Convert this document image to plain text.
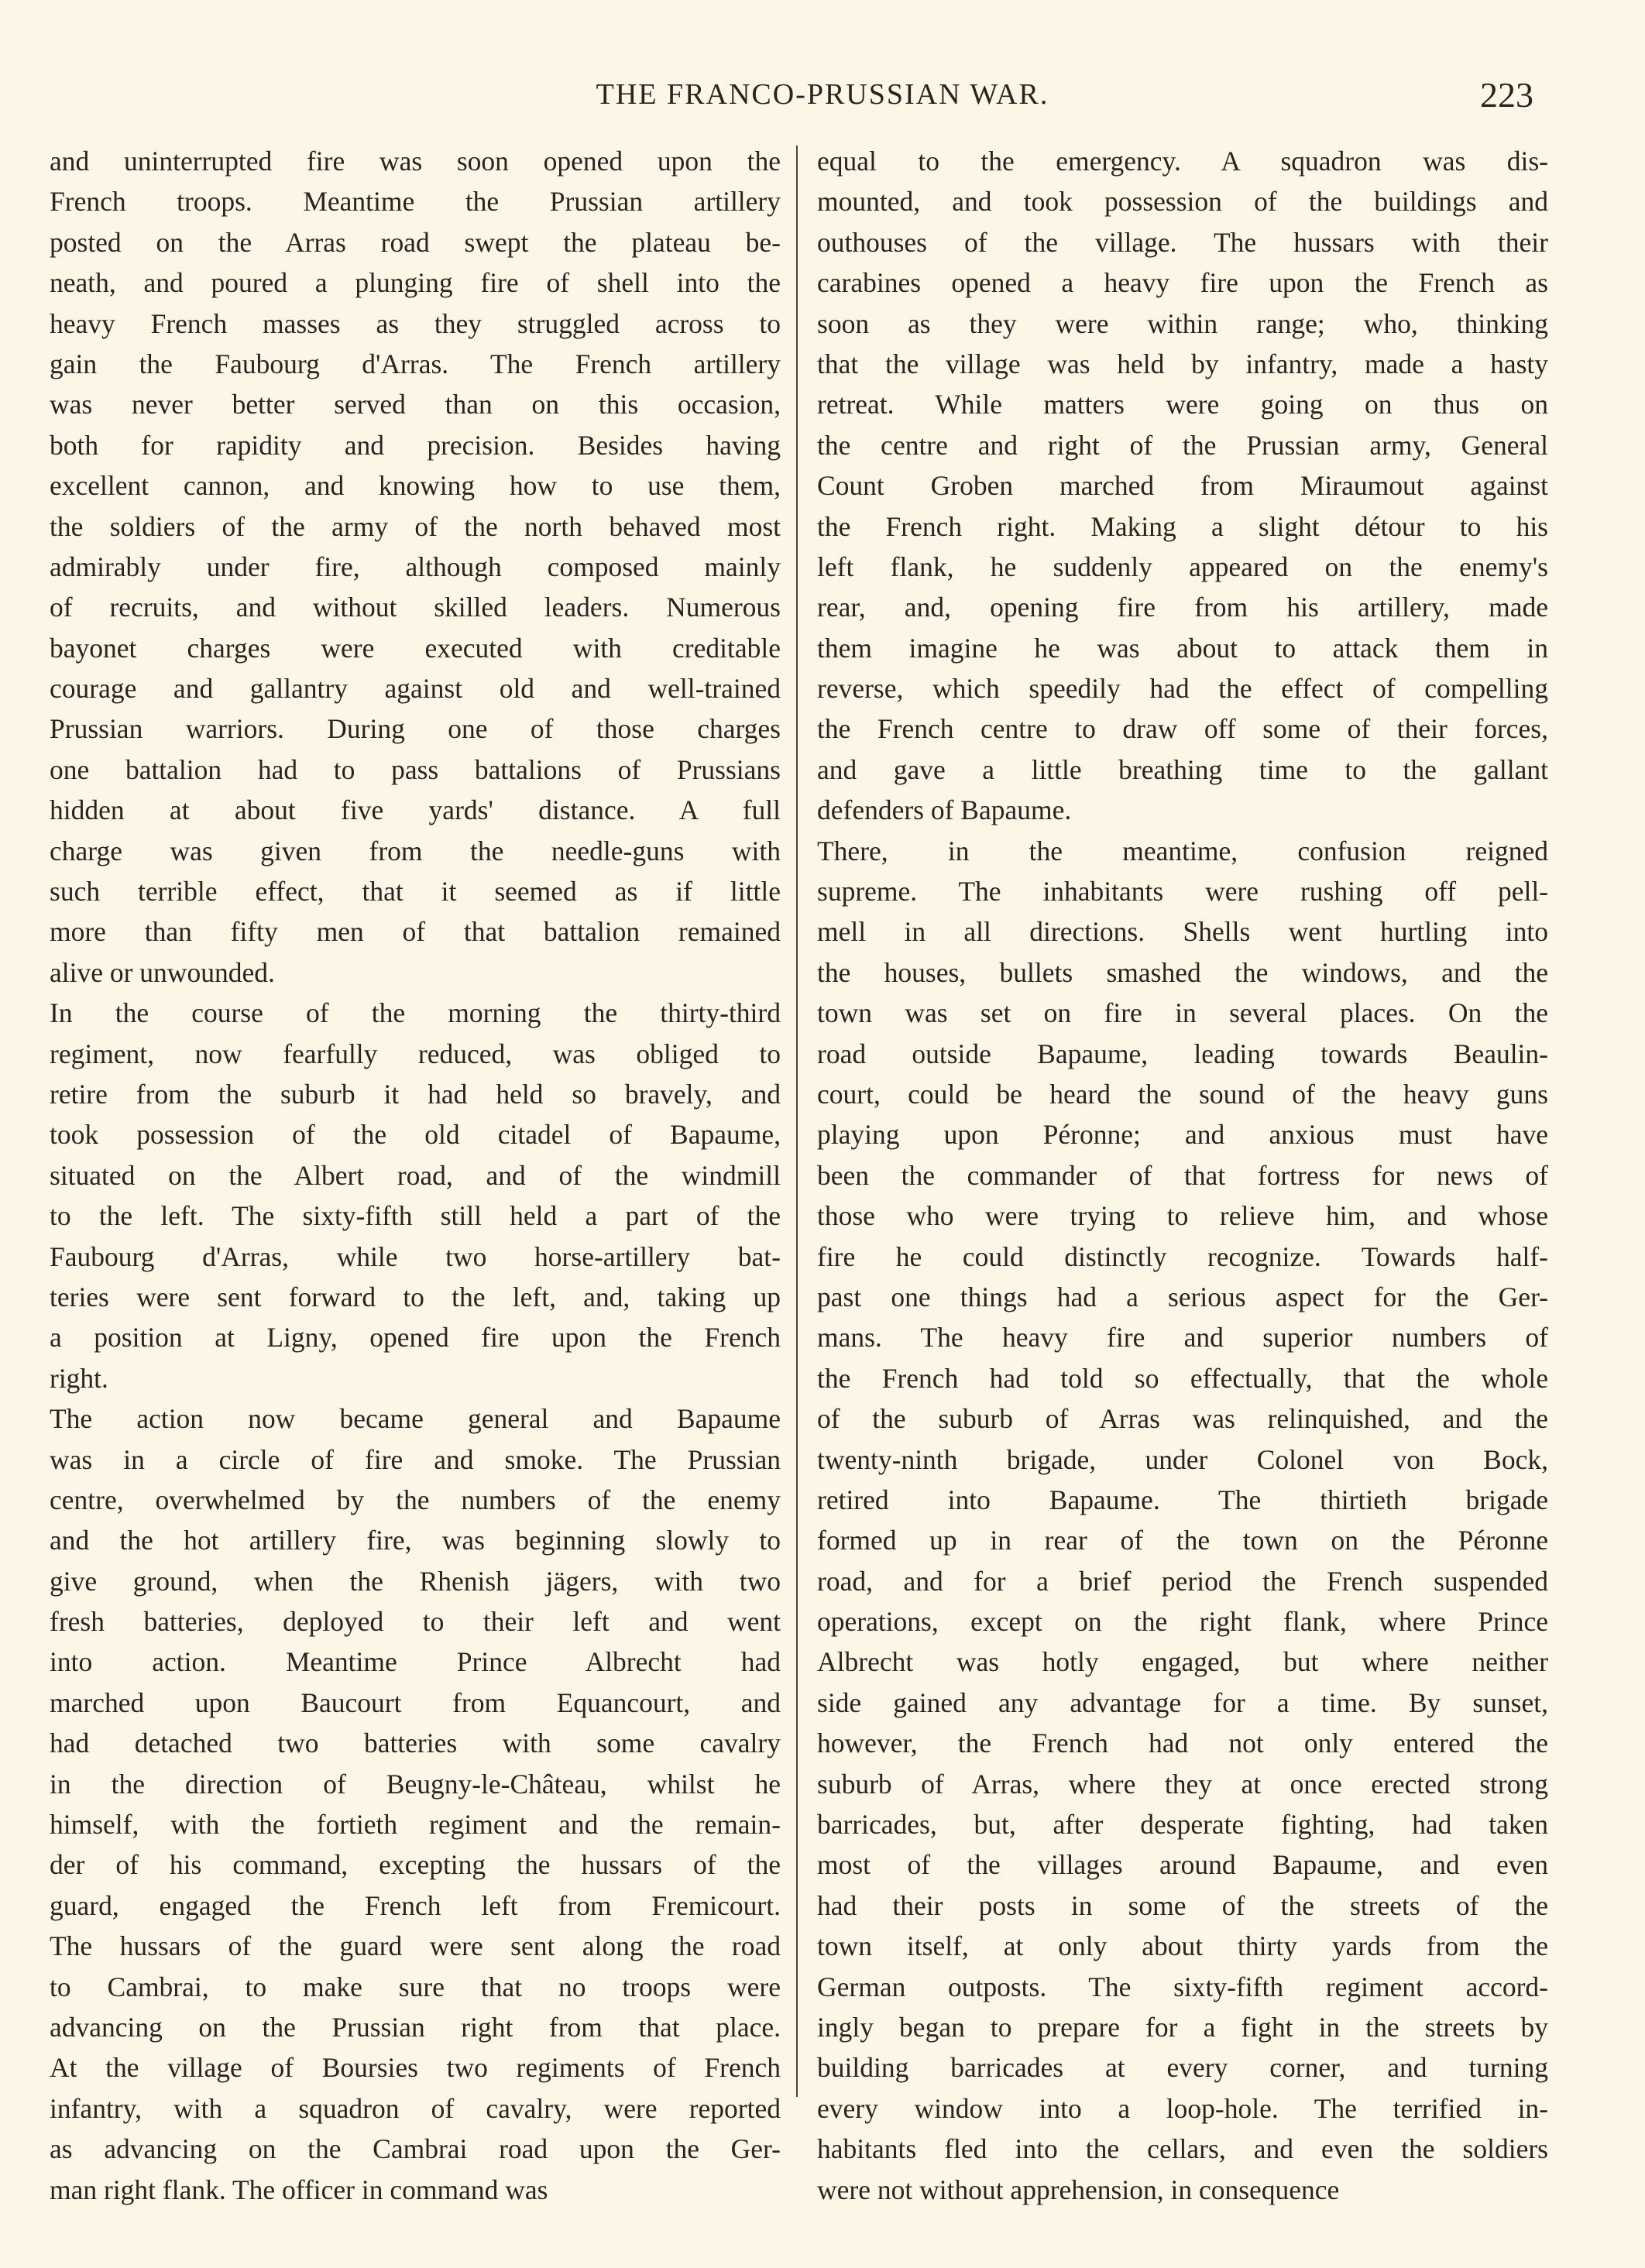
THE FRANCO-PRUSSIAN WAR.	223
and uninterrupted fire was soon opened upon the
French troops. Meantime the Prussian artillery
posted on the Arras road swept the plateau be-
neath, and poured a plunging fire of shell into the
heavy French masses as they struggled across to
gain the Faubourg d'Arras. The French artillery
was never better served than on this occasion,
both for rapidity and precision. Besides having
excellent cannon, and knowing how to use them,
the soldiers of the army of the north behaved most
admirably under fire, although composed mainly
of recruits, and without skilled leaders. Numerous
bayonet charges were executed with creditable
courage and gallantry against old and well-trained
Prussian warriors. During one of those charges
one battalion had to pass battalions of Prussians
hidden at about five yards' distance. A full
charge was given from the needle-guns with
such terrible effect, that it seemed as if little
more than fifty men of that battalion remained
alive or unwounded.
In the course of the morning the thirty-third
regiment, now fearfully reduced, was obliged to
retire from the suburb it had held so bravely, and
took possession of the old citadel of Bapaume,
situated on the Albert road, and of the windmill
to the left. The sixty-fifth still held a part of the
Faubourg d'Arras, while two horse-artillery bat-
teries were sent forward to the left, and, taking up
a position at Ligny, opened fire upon the French
right.
The action now became general and Bapaume
was in a circle of fire and smoke. The Prussian
centre, overwhelmed by the numbers of the enemy
and the hot artillery fire, was beginning slowly to
give ground, when the Rhenish jägers, with two
fresh batteries, deployed to their left and went
into action. Meantime Prince Albrecht had
marched upon Baucourt from Equancourt, and
had detached two batteries with some cavalry
in the direction of Beugny-le-Château, whilst he
himself, with the fortieth regiment and the remain-
der of his command, excepting the hussars of the
guard, engaged the French left from Fremicourt.
The hussars of the guard were sent along the road
to Cambrai, to make sure that no troops were
advancing on the Prussian right from that place.
At the village of Boursies two regiments of French
infantry, with a squadron of cavalry, were reported
as advancing on the Cambrai road upon the Ger-
man right flank. The officer in command was
equal to the emergency. A squadron was dis-
mounted, and took possession of the buildings and
outhouses of the village. The hussars with their
carabines opened a heavy fire upon the French as
soon as they were within range; who, thinking
that the village was held by infantry, made a hasty
retreat. While matters were going on thus on
the centre and right of the Prussian army, General
Count Groben marched from Miraumout against
the French right. Making a slight détour to his
left flank, he suddenly appeared on the enemy's
rear, and, opening fire from his artillery, made
them imagine he was about to attack them in
reverse, which speedily had the effect of compelling
the French centre to draw off some of their forces,
and gave a little breathing time to the gallant
defenders of Bapaume.
There, in the meantime, confusion reigned
supreme. The inhabitants were rushing off pell-
mell in all directions. Shells went hurtling into
the houses, bullets smashed the windows, and the
town was set on fire in several places. On the
road outside Bapaume, leading towards Beaulin-
court, could be heard the sound of the heavy guns
playing upon Péronne; and anxious must have
been the commander of that fortress for news of
those who were trying to relieve him, and whose
fire he could distinctly recognize. Towards half-
past one things had a serious aspect for the Ger-
mans. The heavy fire and superior numbers of
the French had told so effectually, that the whole
of the suburb of Arras was relinquished, and the
twenty-ninth brigade, under Colonel von Bock,
retired into Bapaume. The thirtieth brigade
formed up in rear of the town on the Péronne
road, and for a brief period the French suspended
operations, except on the right flank, where Prince
Albrecht was hotly engaged, but where neither
side gained any advantage for a time. By sunset,
however, the French had not only entered the
suburb of Arras, where they at once erected strong
barricades, but, after desperate fighting, had taken
most of the villages around Bapaume, and even
had their posts in some of the streets of the
town itself, at only about thirty yards from the
German outposts. The sixty-fifth regiment accord-
ingly began to prepare for a fight in the streets by
building barricades at every corner, and turning
every window into a loop-hole. The terrified in-
habitants fled into the cellars, and even the soldiers
were not without apprehension, in consequence
